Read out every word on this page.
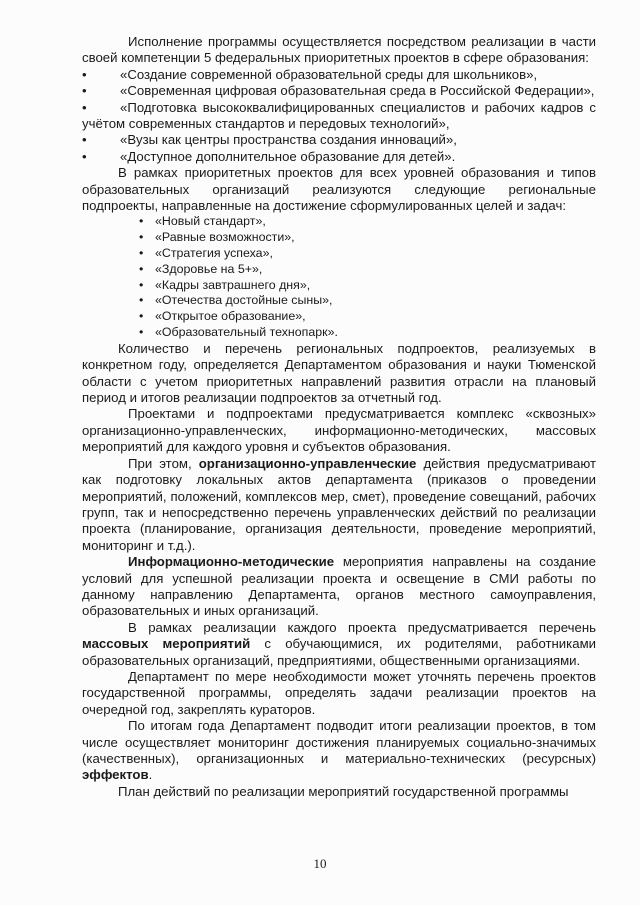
Исполнение программы осуществляется посредством реализации в части своей компетенции 5 федеральных приоритетных проектов в сфере образования:

• «Создание современной образовательной среды для школьников»,
• «Современная цифровая образовательная среда в Российской Федерации»,
• «Подготовка высококвалифицированных специалистов и рабочих кадров с учётом современных стандартов и передовых технологий»,
• «Вузы как центры пространства создания инноваций»,
• «Доступное дополнительное образование для детей».

В рамках приоритетных проектов для всех уровней образования и типов образовательных организаций реализуются следующие региональные подпроекты, направленные на достижение сформулированных целей и задач:

• «Новый стандарт»,
• «Равные возможности»,
• «Стратегия успеха»,
• «Здоровье на 5+»,
• «Кадры завтрашнего дня»,
• «Отечества достойные сыны»,
• «Открытое образование»,
• «Образовательный технопарк».

Количество и перечень региональных подпроектов, реализуемых в конкретном году, определяется Департаментом образования и науки Тюменской области с учетом приоритетных направлений развития отрасли на плановый период и итогов реализации подпроектов за отчетный год.

Проектами и подпроектами предусматривается комплекс «сквозных» организационно-управленческих, информационно-методических, массовых мероприятий для каждого уровня и субъектов образования.

При этом, организационно-управленческие действия предусматривают как подготовку локальных актов департамента (приказов о проведении мероприятий, положений, комплексов мер, смет), проведение совещаний, рабочих групп, так и непосредственно перечень управленческих действий по реализации проекта (планирование, организация деятельности, проведение мероприятий, мониторинг и т.д.).

Информационно-методические мероприятия направлены на создание условий для успешной реализации проекта и освещение в СМИ работы по данному направлению Департамента, органов местного самоуправления, образовательных и иных организаций.

В рамках реализации каждого проекта предусматривается перечень массовых мероприятий с обучающимися, их родителями, работниками образовательных организаций, предприятиями, общественными организациями.

Департамент по мере необходимости может уточнять перечень проектов государственной программы, определять задачи реализации проектов на очередной год, закреплять кураторов.

По итогам года Департамент подводит итоги реализации проектов, в том числе осуществляет мониторинг достижения планируемых социально-значимых (качественных), организационных и материально-технических (ресурсных) эффектов.

План действий по реализации мероприятий государственной программы

10
